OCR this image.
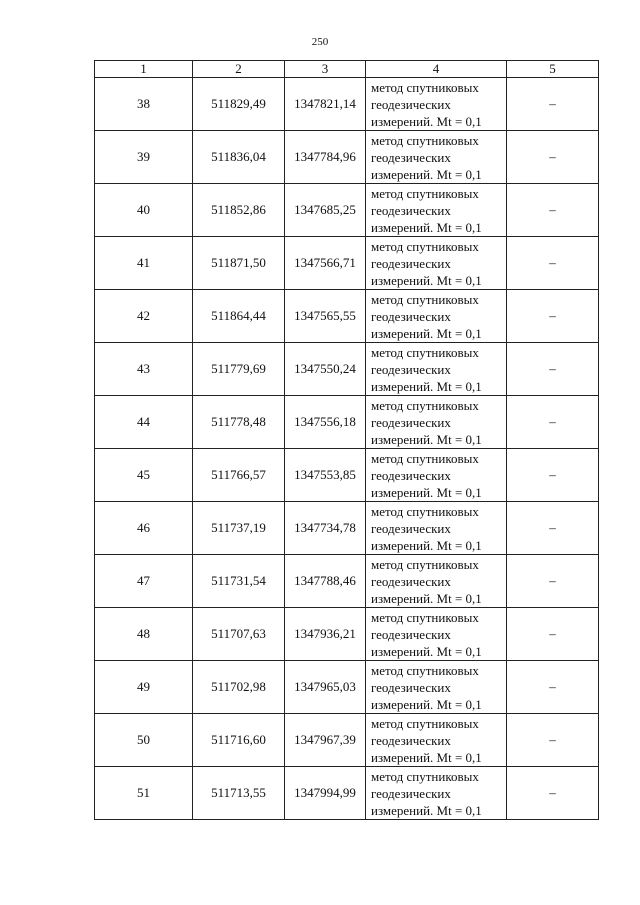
250
1	2	3	4	5
38	511829,49	1347821,14	метод спутниковых
геодезических
измерений. Mt = 0,1	–
39	511836,04	1347784,96	метод спутниковых
геодезических
измерений. Mt = 0,1	–
40	511852,86	1347685,25	метод спутниковых
геодезических
измерений. Mt = 0,1	–
41	511871,50	1347566,71	метод спутниковых
геодезических
измерений. Mt = 0,1	–
42	511864,44	1347565,55	метод спутниковых
геодезических
измерений. Mt = 0,1	–
43	511779,69	1347550,24	метод спутниковых
геодезических
измерений. Mt = 0,1	–
44	511778,48	1347556,18	метод спутниковых
геодезических
измерений. Mt = 0,1	–
45	511766,57	1347553,85	метод спутниковых
геодезических
измерений. Mt = 0,1	–
46	511737,19	1347734,78	метод спутниковых
геодезических
измерений. Mt = 0,1	–
47	511731,54	1347788,46	метод спутниковых
геодезических
измерений. Mt = 0,1	–
48	511707,63	1347936,21	метод спутниковых
геодезических
измерений. Mt = 0,1	–
49	511702,98	1347965,03	метод спутниковых
геодезических
измерений. Mt = 0,1	–
50	511716,60	1347967,39	метод спутниковых
геодезических
измерений. Mt = 0,1	–
51	511713,55	1347994,99	метод спутниковых
геодезических
измерений. Mt = 0,1	–
